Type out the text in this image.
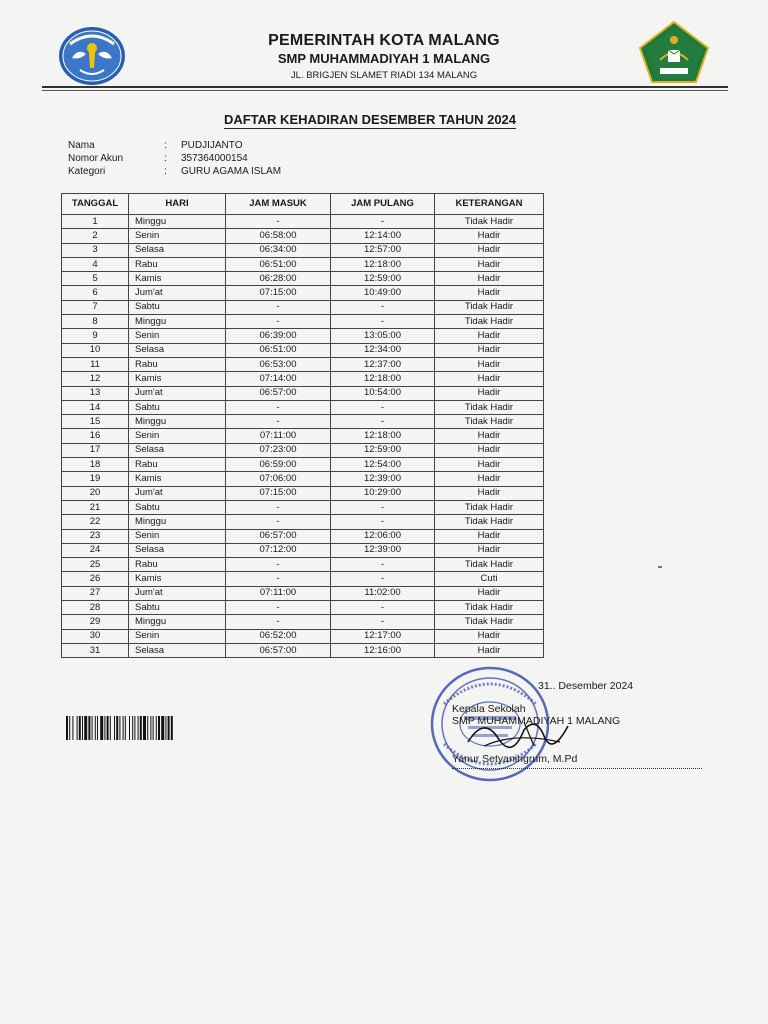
PEMERINTAH KOTA MALANG
SMP MUHAMMADIYAH 1 MALANG
JL. BRIGJEN SLAMET RIADI 134 MALANG
DAFTAR KEHADIRAN DESEMBER TAHUN 2024
Nama	: PUDJIJANTO
Nomor Akun	: 357364000154
Kategori	: GURU AGAMA ISLAM
TANGGAL	HARI	JAM MASUK	JAM PULANG	KETERANGAN
1	Minggu	-	-	Tidak Hadir
2	Senin	06:58:00	12:14:00	Hadir
3	Selasa	06:34:00	12:57:00	Hadir
4	Rabu	06:51:00	12:18:00	Hadir
5	Kamis	06:28:00	12:59:00	Hadir
6	Jum'at	07:15:00	10:49:00	Hadir
7	Sabtu	-	-	Tidak Hadir
8	Minggu	-	-	Tidak Hadir
9	Senin	06:39:00	13:05:00	Hadir
10	Selasa	06:51:00	12:34:00	Hadir
11	Rabu	06:53:00	12:37:00	Hadir
12	Kamis	07:14:00	12:18:00	Hadir
13	Jum'at	06:57:00	10:54:00	Hadir
14	Sabtu	-	-	Tidak Hadir
15	Minggu	-	-	Tidak Hadir
16	Senin	07:11:00	12:18:00	Hadir
17	Selasa	07:23:00	12:59:00	Hadir
18	Rabu	06:59:00	12:54:00	Hadir
19	Kamis	07:06:00	12:39:00	Hadir
20	Jum'at	07:15:00	10:29:00	Hadir
21	Sabtu	-	-	Tidak Hadir
22	Minggu	-	-	Tidak Hadir
23	Senin	06:57:00	12:06:00	Hadir
24	Selasa	07:12:00	12:39:00	Hadir
25	Rabu	-	-	Tidak Hadir
26	Kamis	-	-	Cuti
27	Jum'at	07:11:00	11:02:00	Hadir
28	Sabtu	-	-	Tidak Hadir
29	Minggu	-	-	Tidak Hadir
30	Senin	06:52:00	12:17:00	Hadir
31	Selasa	06:57:00	12:16:00	Hadir
31.. Desember 2024
Kepala Sekolah
SMP MUHAMMADIYAH 1 MALANG
Yanur Setyaningrum, M.Pd
